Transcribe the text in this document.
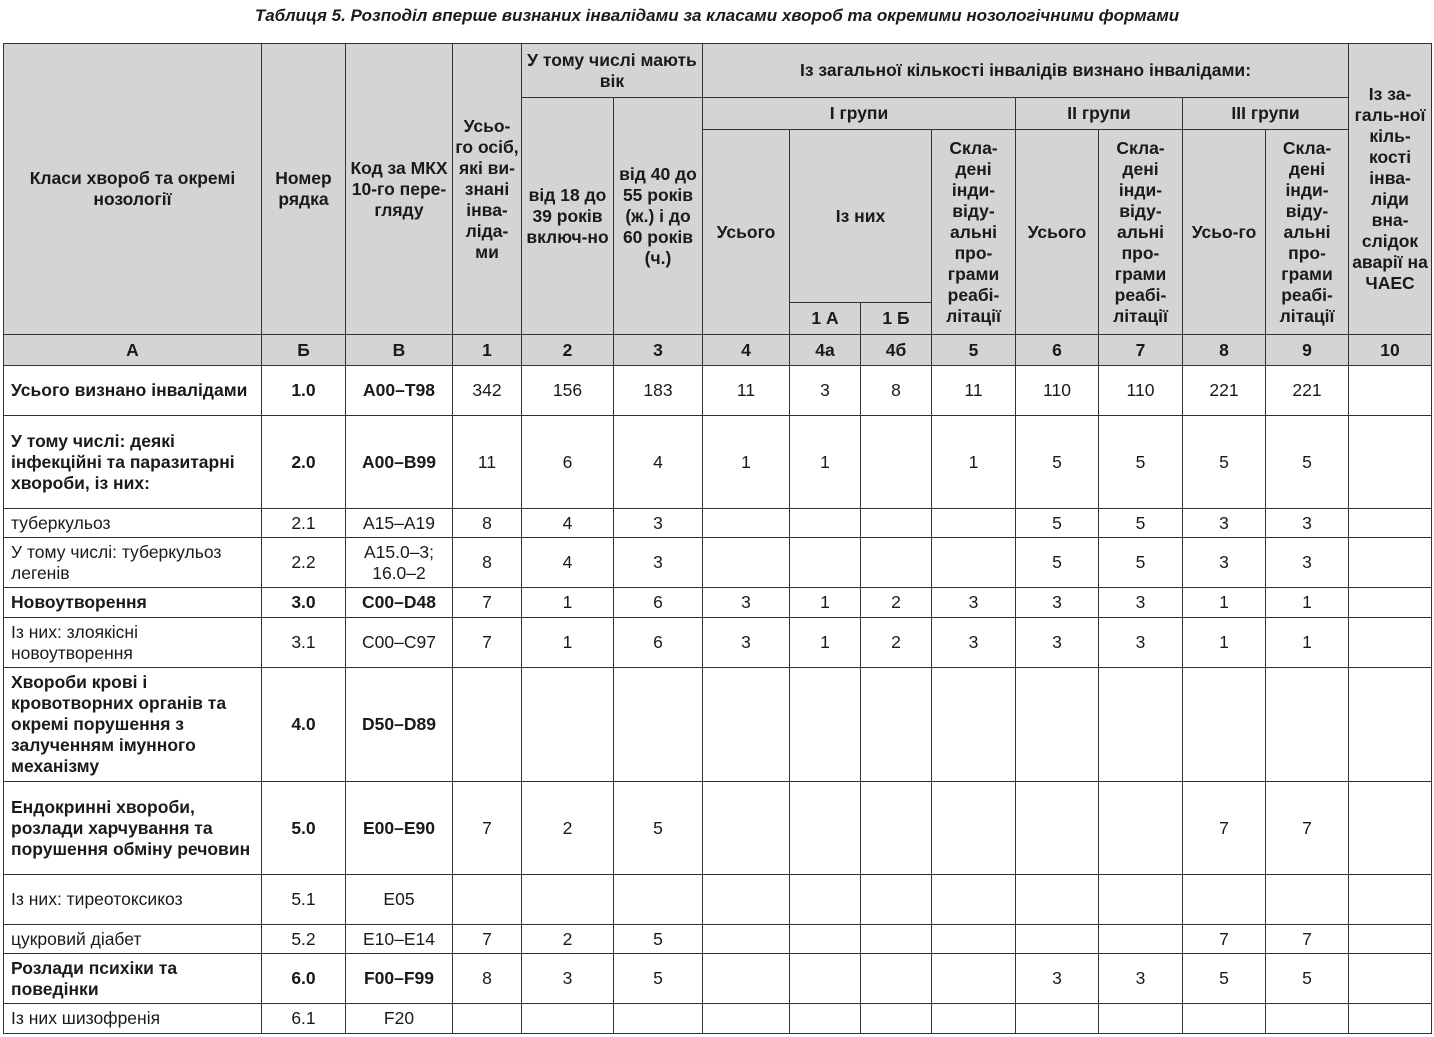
Таблиця 5. Розподіл вперше визнаних інвалідами за класами хвороб та окремими нозологічними формами
Класи хвороб та окремі нозології	Номер рядка	Код за МКХ 10-го пере-гляду	Усьо-го осіб, які ви-знані інва-ліда-ми	У тому числі мають вік		Із загальної кількості інвалідів визнано інвалідами:								Із за-галь-ної кіль-кості інва-ліди вна-слідок аварії на ЧАЕС
				від 18 до 39 років включ-но	від 40 до 55 років (ж.) і до 60 років (ч.)	І групи				ІІ групи		ІІІ групи		
						Усього	Із них		Скла-дені інди-віду-альні про-грами реабі-літації	Усього	Скла-дені інди-віду-альні про-грами реабі-літації	Усьо-го	Скла-дені інди-віду-альні про-грами реабі-літації	
							1 А	1 Б						
А	Б	В	1	2	3	4	4а	4б	5	6	7	8	9	10
Усього визнано інвалідами	1.0	A00–T98	342	156	183	11	3	8	11	110	110	221	221	
У тому числі: деякі інфекційні та паразитарні хвороби, із них:	2.0	A00–B99	11	6	4	1	1		1	5	5	5	5	
туберкульоз	2.1	A15–A19	8	4	3					5	5	3	3	
У тому числі: туберкульоз легенів	2.2	A15.0–3; 16.0–2	8	4	3					5	5	3	3	
Новоутворення	3.0	C00–D48	7	1	6	3	1	2	3	3	3	1	1	
Із них: злоякісні новоутворення	3.1	C00–C97	7	1	6	3	1	2	3	3	3	1	1	
Хвороби крові і кровотворних органів та окремі порушення з залученням імунного механізму	4.0	D50–D89												
Ендокринні хвороби, розлади харчування та порушення обміну речовин	5.0	E00–E90	7	2	5							7	7	
Із них: тиреотоксикоз	5.1	E05												
цукровий діабет	5.2	E10–E14	7	2	5							7	7	
Розлади психіки та поведінки	6.0	F00–F99	8	3	5					3	3	5	5	
Із них шизофренія	6.1	F20												
